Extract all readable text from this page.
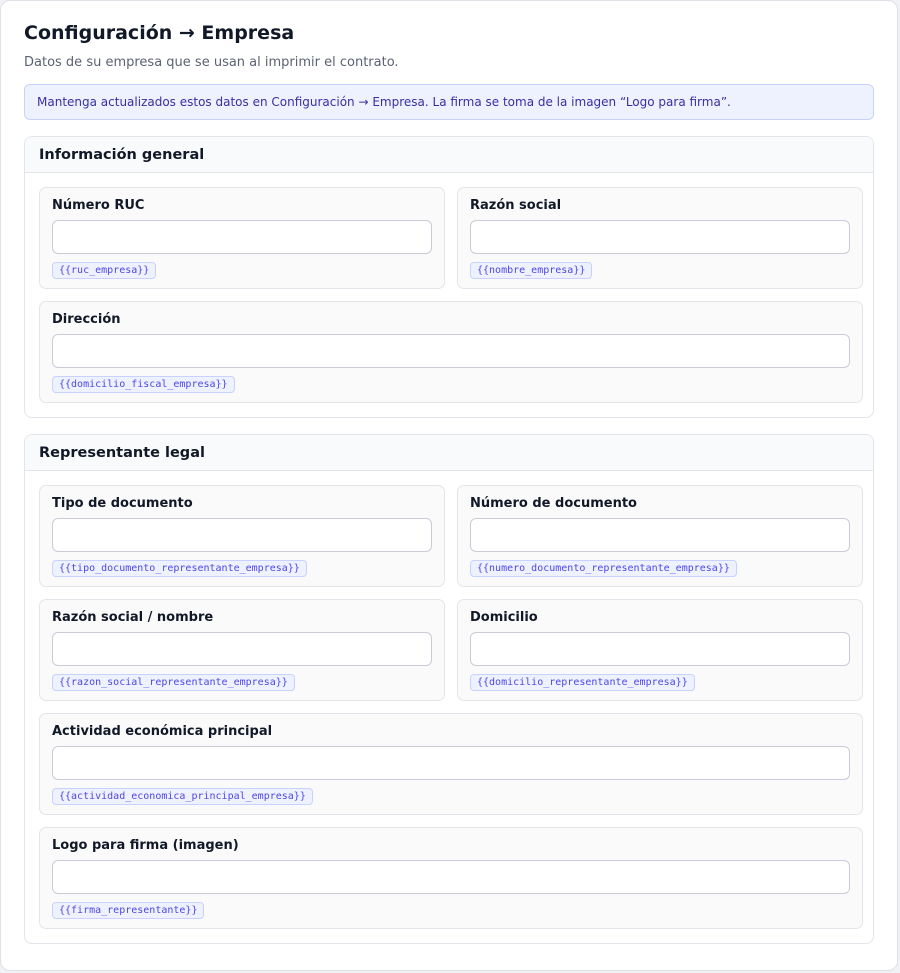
Configuración → Empresa

Datos de su empresa que se usan al imprimir el contrato.

Mantenga actualizados estos datos en Configuración → Empresa. La firma se toma de la imagen “Logo para firma”.
Información general
Número RUC
{{ruc_empresa}}
Razón social
{{nombre_empresa}}
Dirección
{{domicilio_fiscal_empresa}}
Representante legal
Tipo de documento
{{tipo_documento_representante_empresa}}
Número de documento
{{numero_documento_representante_empresa}}
Razón social / nombre
{{razon_social_representante_empresa}}
Domicilio
{{domicilio_representante_empresa}}
Actividad económica principal
{{actividad_economica_principal_empresa}}
Logo para firma (imagen)
{{firma_representante}}
